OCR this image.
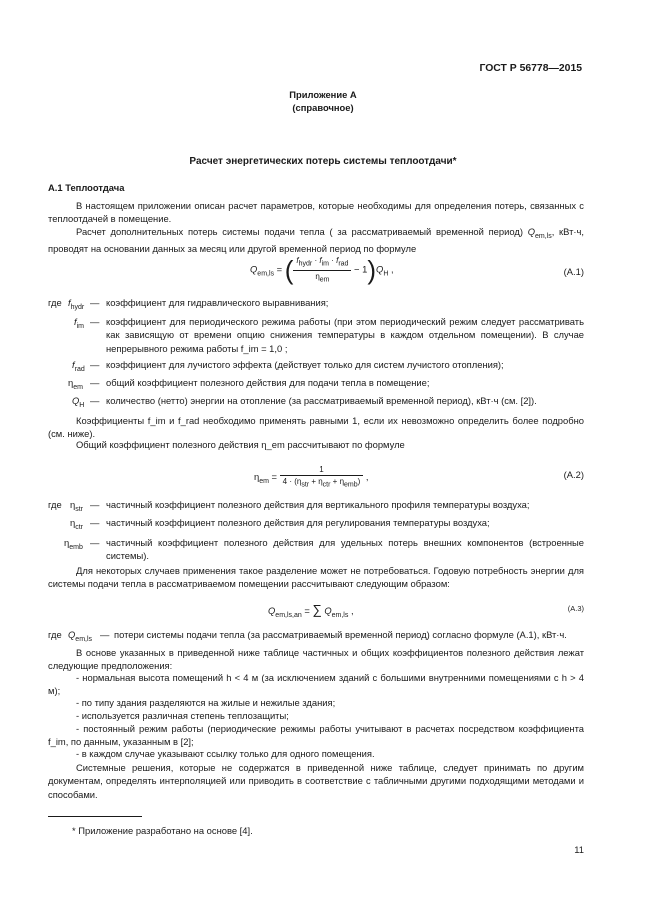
ГОСТ Р 56778—2015
Приложение А
(справочное)
Расчет энергетических потерь системы теплоотдачи*
А.1 Теплоотдача
В настоящем приложении описан расчет параметров, которые необходимы для определения потерь, связанных с теплоотдачей в помещение.
Расчет дополнительных потерь системы подачи тепла ( за рассматриваемый временной период) $Q_{em,ls}$, кВт·ч, проводят на основании данных за месяц или другой временной период по формуле
$Q_{em,ls}$ = ( $\frac{f_{hydr} \cdot f_{im} \cdot f_{rad}}{\eta_{em}} - 1)Q_H$ ,	(А.1)
где $f_{hydr}$ — коэффициент для гидравлического выравнивания;
$f_{im}$ — коэффициент для периодического режима работы (при этом периодический режим следует рассматривать как зависящую от времени опцию снижения температуры в каждом отдельном помещении). В случае непрерывного режима работы f_im = 1,0 ;
$f_{rad}$ — коэффициент для лучистого эффекта (действует только для систем лучистого отопления);
$\eta_{em}$ — общий коэффициент полезного действия для подачи тепла в помещение;
$Q_H$ — количество (нетто) энергии на отопление (за рассматриваемый временной период), кВт·ч (см. [2]).
Коэффициенты f_im и f_rad необходимо применять равными 1, если их невозможно определить более подробно (см. ниже).
Общий коэффициент полезного действия η_em рассчитывают по формуле
$\eta_{em} = \frac{1}{4 \cdot (\eta_{str} + \eta_{ctr} + \eta_{emb})}$ ,	(А.2)
где $\eta_{str}$ — частичный коэффициент полезного действия для вертикального профиля температуры воздуха;
$\eta_{ctr}$ — частичный коэффициент полезного действия для регулирования температуры воздуха;
$\eta_{emb}$ — частичный коэффициент полезного действия для удельных потерь внешних компонентов (встроенные системы).
Для некоторых случаев применения такое разделение может не потребоваться. Годовую потребность энергии для системы подачи тепла в рассматриваемом помещении рассчитывают следующим образом:
$Q_{em,ls,an}$ = ∑ $Q_{em,ls}$ ,	(А.3)
где $Q_{em,ls}$ — потери системы подачи тепла (за рассматриваемый временной период) согласно формуле (А.1), кВт·ч.
В основе указанных в приведенной ниже таблице частичных и общих коэффициентов полезного действия лежат следующие предположения:
- нормальная высота помещений h < 4 м (за исключением зданий с большими внутренними помещениями с h > 4 м);
- по типу здания разделяются на жилые и нежилые здания;
- используется различная степень теплозащиты;
- постоянный режим работы (периодические режимы работы учитывают в расчетах посредством коэффициента f_im, по данным, указанным в [2];
- в каждом случае указывают ссылку только для одного помещения.
Системные решения, которые не содержатся в приведенной ниже таблице, следует принимать по другим документам, определять интерполяцией или приводить в соответствие с табличными другими подходящими методами и способами.
* Приложение разработано на основе [4].
11
